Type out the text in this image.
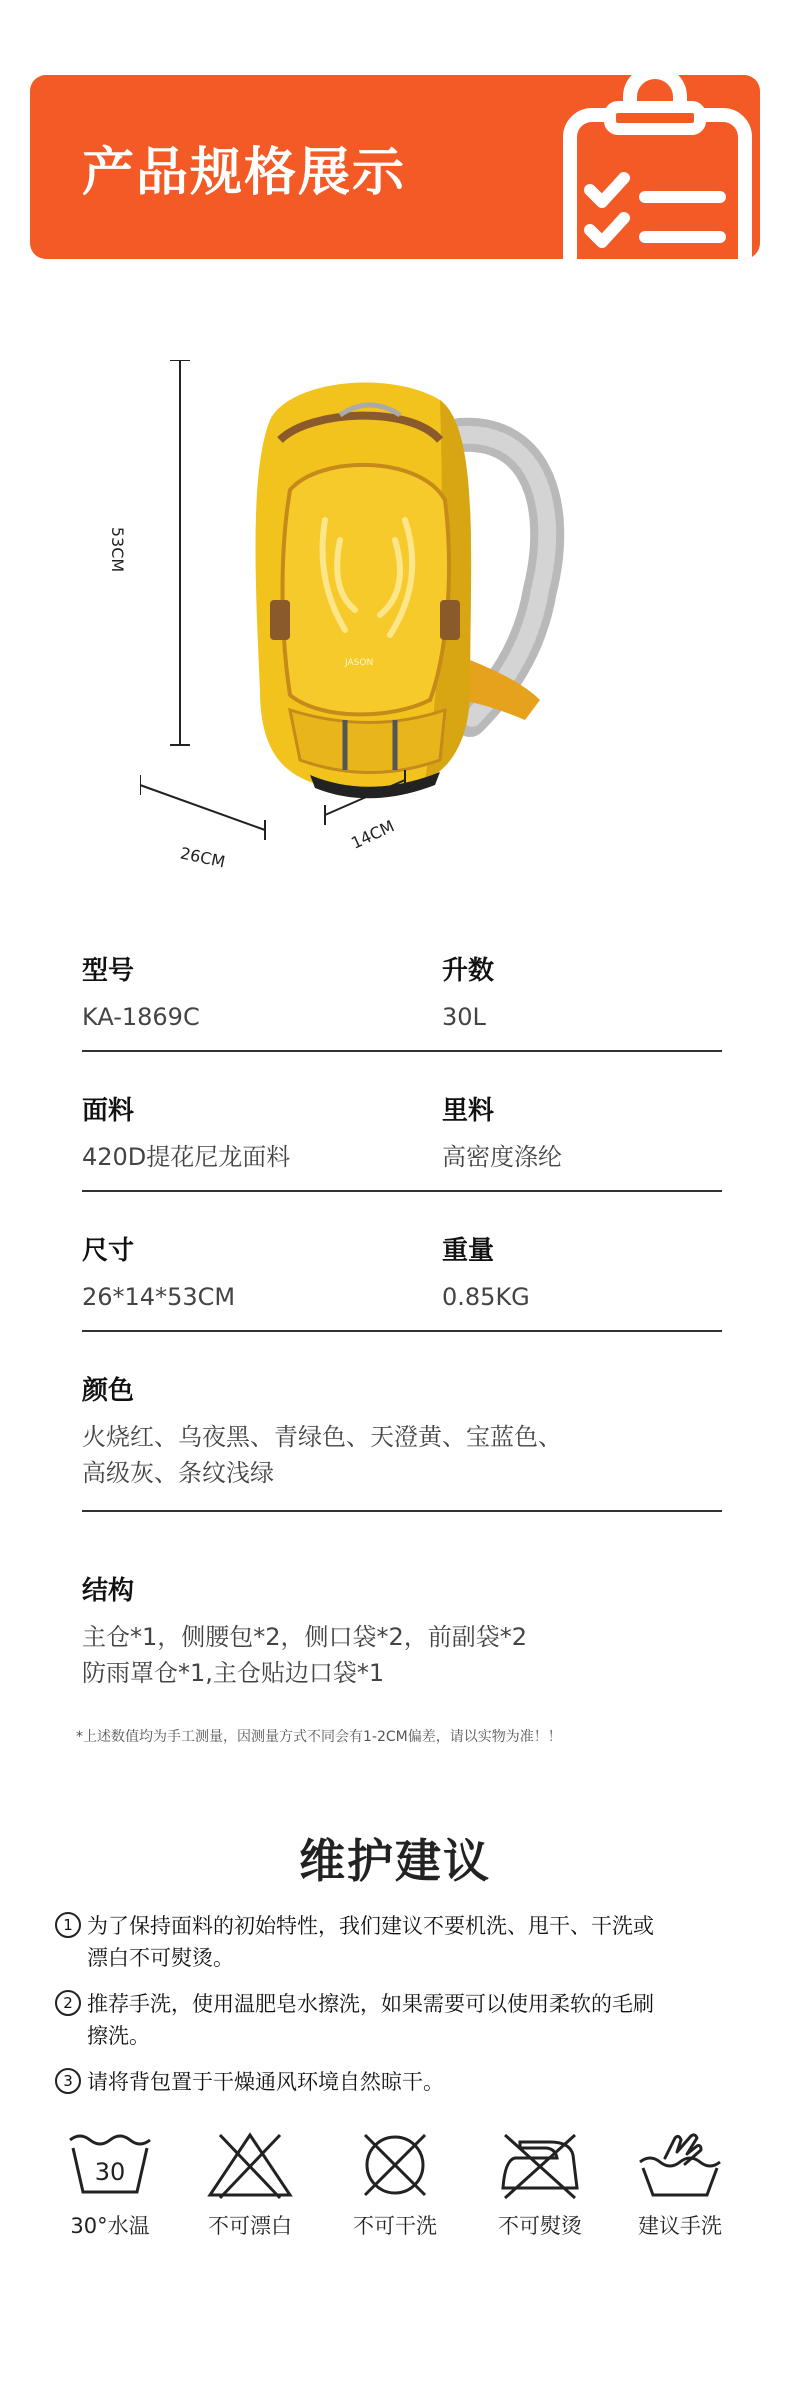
产品规格展示
53CM
JASON
26CM
14CM
型号
KA-1869C
升数
30L
面料
420D提花尼龙面料
里料
高密度涤纶
尺寸
26*14*53CM
重量
0.85KG
颜色
火烧红、乌夜黑、青绿色、天澄黄、宝蓝色、
高级灰、条纹浅绿
结构
主仓*1，侧腰包*2，侧口袋*2，前副袋*2
防雨罩仓*1,主仓贴边口袋*1
*上述数值均为手工测量，因测量方式不同会有1-2CM偏差，请以实物为准！！
维护建议
1 为了保持面料的初始特性，我们建议不要机洗、甩干、干洗或
漂白不可熨烫。
2 推荐手洗，使用温肥皂水擦洗，如果需要可以使用柔软的毛刷
擦洗。
3 请将背包置于干燥通风环境自然晾干。
30
30°水温	不可漂白	不可干洗	不可熨烫	建议手洗
